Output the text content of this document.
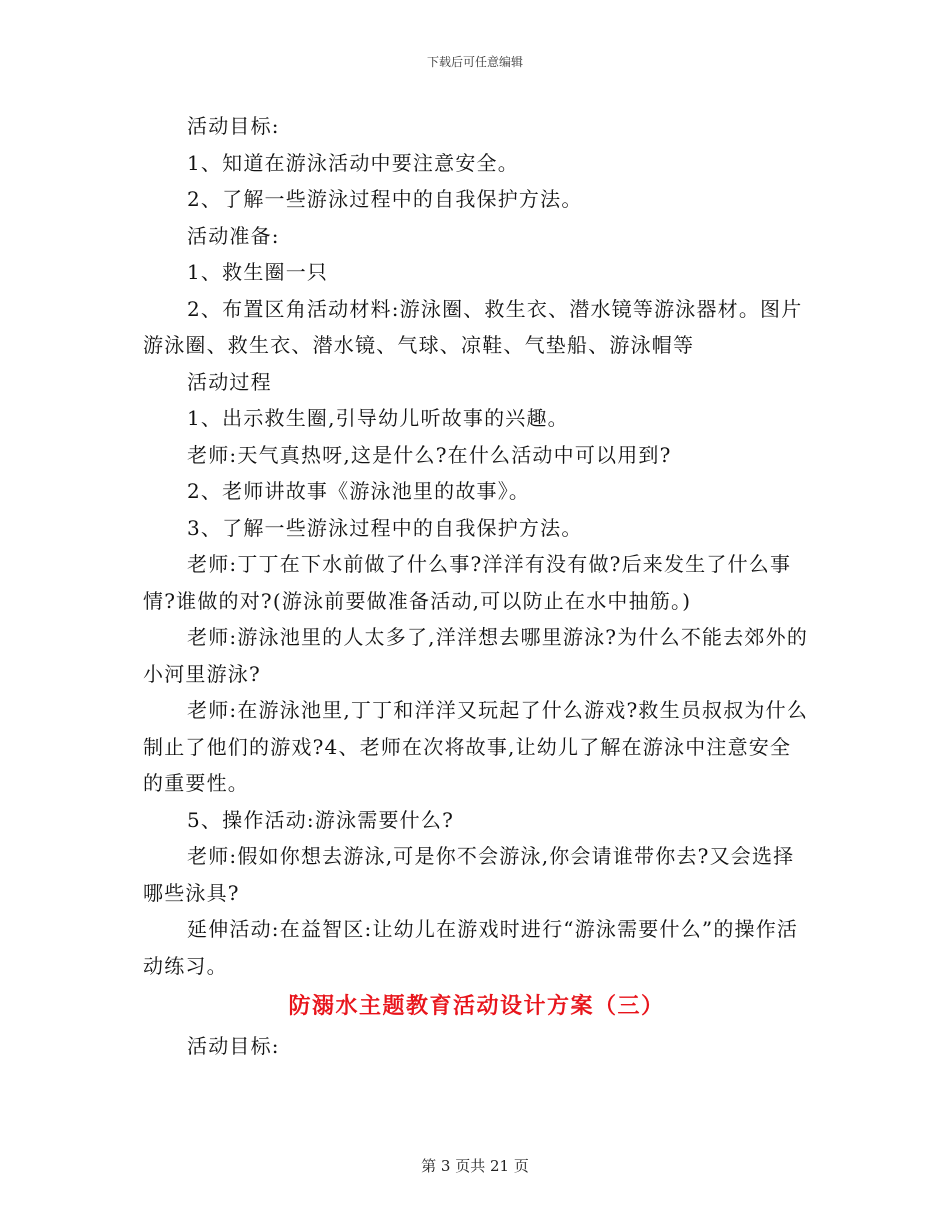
下载后可任意编辑

活动目标:

1、知道在游泳活动中要注意安全。

2、了解一些游泳过程中的自我保护方法。

活动准备:

1、救生圈一只

2、布置区角活动材料:游泳圈、救生衣、潜水镜等游泳器材。图片游泳圈、救生衣、潜水镜、气球、凉鞋、气垫船、游泳帽等

活动过程

1、出示救生圈,引导幼儿听故事的兴趣。

老师:天气真热呀,这是什么?在什么活动中可以用到?

2、老师讲故事《游泳池里的故事》。

3、了解一些游泳过程中的自我保护方法。

老师:丁丁在下水前做了什么事?洋洋有没有做?后来发生了什么事情?谁做的对?(游泳前要做准备活动,可以防止在水中抽筋。)

老师:游泳池里的人太多了,洋洋想去哪里游泳?为什么不能去郊外的小河里游泳?

老师:在游泳池里,丁丁和洋洋又玩起了什么游戏?救生员叔叔为什么制止了他们的游戏?4、老师在次将故事,让幼儿了解在游泳中注意安全的重要性。

5、操作活动:游泳需要什么?

老师:假如你想去游泳,可是你不会游泳,你会请谁带你去?又会选择哪些泳具?

延伸活动:在益智区:让幼儿在游戏时进行“游泳需要什么”的操作活动练习。

防溺水主题教育活动设计方案（三）

活动目标:

第 3 页共 21 页
